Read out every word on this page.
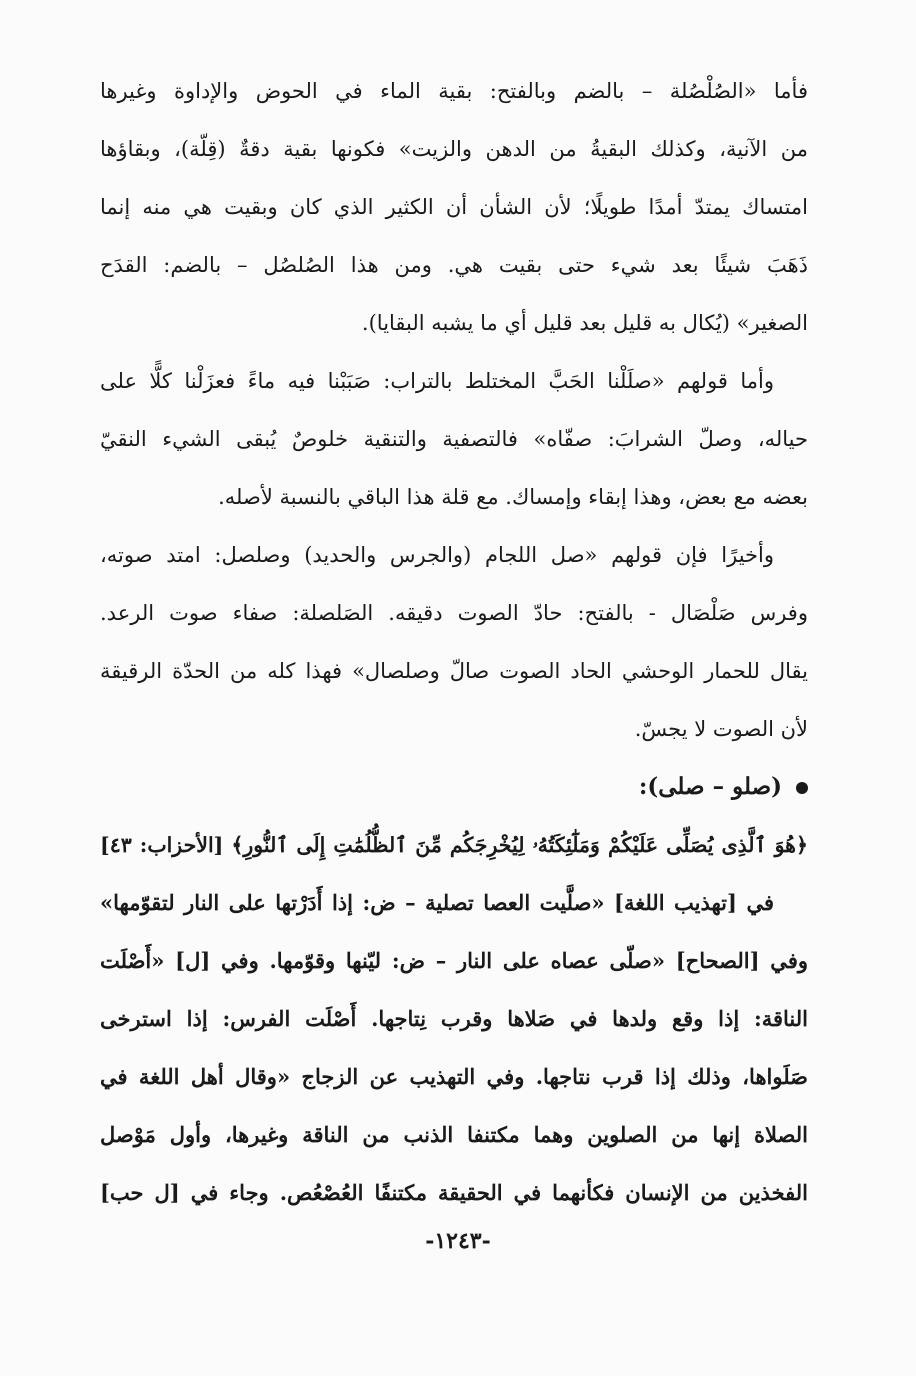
فأما «الصُلْصُلة – بالضم وبالفتح: بقية الماء في الحوض والإداوة وغيرها
من الآنية، وكذلك البقيةُ من الدهن والزيت» فكونها بقية دقةٌ (قِلّة)، وبقاؤها
امتساك يمتدّ أمدًا طويلًا؛ لأن الشأن أن الكثير الذي كان وبقيت هي منه إنما
ذَهَبَ شيئًا بعد شيء حتى بقيت هي. ومن هذا الصُلصُل – بالضم: القدَح
الصغير» (يُكال به قليل بعد قليل أي ما يشبه البقايا).
وأما قولهم «صلَلْنا الحَبَّ المختلط بالتراب: صَبَبْنا فيه ماءً فعزَلْنا كلًّا على
حياله، وصلّ الشرابَ: صفّاه» فالتصفية والتنقية خلوصٌ يُبقى الشيء النقيّ
بعضه مع بعض، وهذا إبقاء وإمساك. مع قلة هذا الباقي بالنسبة لأصله.
وأخيرًا فإن قولهم «صل اللجام (والجرس والحديد) وصلصل: امتد صوته،
وفرس صَلْصَال - بالفتح: حادّ الصوت دقيقه. الصَلصلة: صفاء صوت الرعد.
يقال للحمار الوحشي الحاد الصوت صالّ وصلصال» فهذا كله من الحدّة الرقيقة
لأن الصوت لا يجسّ.
(صلو – صلى):
﴿هُوَ ٱلَّذِى يُصَلِّى عَلَيْكُمْ وَمَلَٰٓئِكَتُهُۥ لِيُخْرِجَكُم مِّنَ ٱلظُّلُمَٰتِ إِلَى ٱلنُّورِ﴾ [الأحزاب: ٤٣]
في [تهذيب اللغة] «صلَّيت العصا تصلية – ض: إذا أَدَرْتها على النار لتقوّمها»
وفي [الصحاح] «صلّى عصاه على النار – ض: ليّنها وقوّمها. وفي [ل] «أَصْلَت
الناقة: إذا وقع ولدها في صَلاها وقرب نِتاجها. أَصْلَت الفرس: إذا استرخى
صَلَواها، وذلك إذا قرب نتاجها. وفي التهذيب عن الزجاج «وقال أهل اللغة في
الصلاة إنها من الصلوين وهما مكتنفا الذنب من الناقة وغيرها، وأول مَوْصل
الفخذين من الإنسان فكأنهما في الحقيقة مكتنفًا العُصْعُص. وجاء في [ل حب]
-١٢٤٣-
